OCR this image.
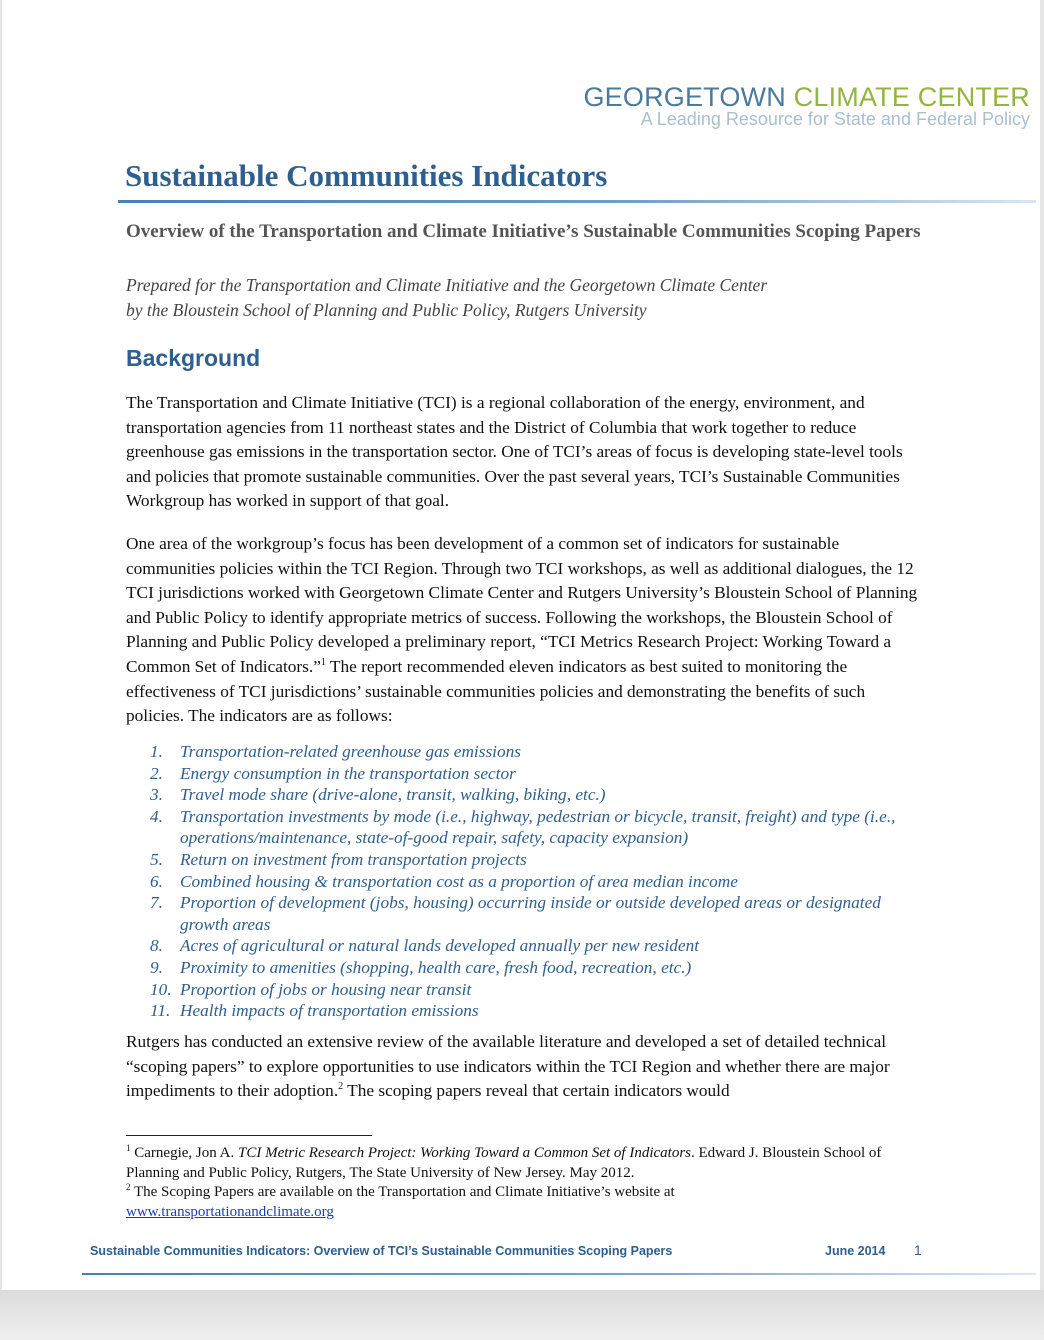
GEORGETOWN CLIMATE CENTER
A Leading Resource for State and Federal Policy
Sustainable Communities Indicators
Overview of the Transportation and Climate Initiative’s Sustainable Communities Scoping Papers
Prepared for the Transportation and Climate Initiative and the Georgetown Climate Center
by the Bloustein School of Planning and Public Policy, Rutgers University
Background
The Transportation and Climate Initiative (TCI) is a regional collaboration of the energy, environment, and transportation agencies from 11 northeast states and the District of Columbia that work together to reduce greenhouse gas emissions in the transportation sector. One of TCI’s areas of focus is developing state-level tools and policies that promote sustainable communities. Over the past several years, TCI’s Sustainable Communities Workgroup has worked in support of that goal.
One area of the workgroup’s focus has been development of a common set of indicators for sustainable communities policies within the TCI Region. Through two TCI workshops, as well as additional dialogues, the 12 TCI jurisdictions worked with Georgetown Climate Center and Rutgers University’s Bloustein School of Planning and Public Policy to identify appropriate metrics of success. Following the workshops, the Bloustein School of Planning and Public Policy developed a preliminary report, “TCI Metrics Research Project: Working Toward a Common Set of Indicators.”$^1$ The report recommended eleven indicators as best suited to monitoring the effectiveness of TCI jurisdictions’ sustainable communities policies and demonstrating the benefits of such policies. The indicators are as follows:
1. Transportation-related greenhouse gas emissions
2. Energy consumption in the transportation sector
3. Travel mode share (drive-alone, transit, walking, biking, etc.)
4. Transportation investments by mode (i.e., highway, pedestrian or bicycle, transit, freight) and type (i.e., operations/maintenance, state-of-good repair, safety, capacity expansion)
5. Return on investment from transportation projects
6. Combined housing & transportation cost as a proportion of area median income
7. Proportion of development (jobs, housing) occurring inside or outside developed areas or designated growth areas
8. Acres of agricultural or natural lands developed annually per new resident
9. Proximity to amenities (shopping, health care, fresh food, recreation, etc.)
10. Proportion of jobs or housing near transit
11. Health impacts of transportation emissions
Rutgers has conducted an extensive review of the available literature and developed a set of detailed technical “scoping papers” to explore opportunities to use indicators within the TCI Region and whether there are major impediments to their adoption.$^2$ The scoping papers reveal that certain indicators would
$^1$ Carnegie, Jon A. TCI Metric Research Project: Working Toward a Common Set of Indicators. Edward J. Bloustein School of Planning and Public Policy, Rutgers, The State University of New Jersey. May 2012.
$^2$ The Scoping Papers are available on the Transportation and Climate Initiative’s website at
www.transportationandclimate.org
Sustainable Communities Indicators: Overview of TCI’s Sustainable Communities Scoping Papers	June 2014 1
